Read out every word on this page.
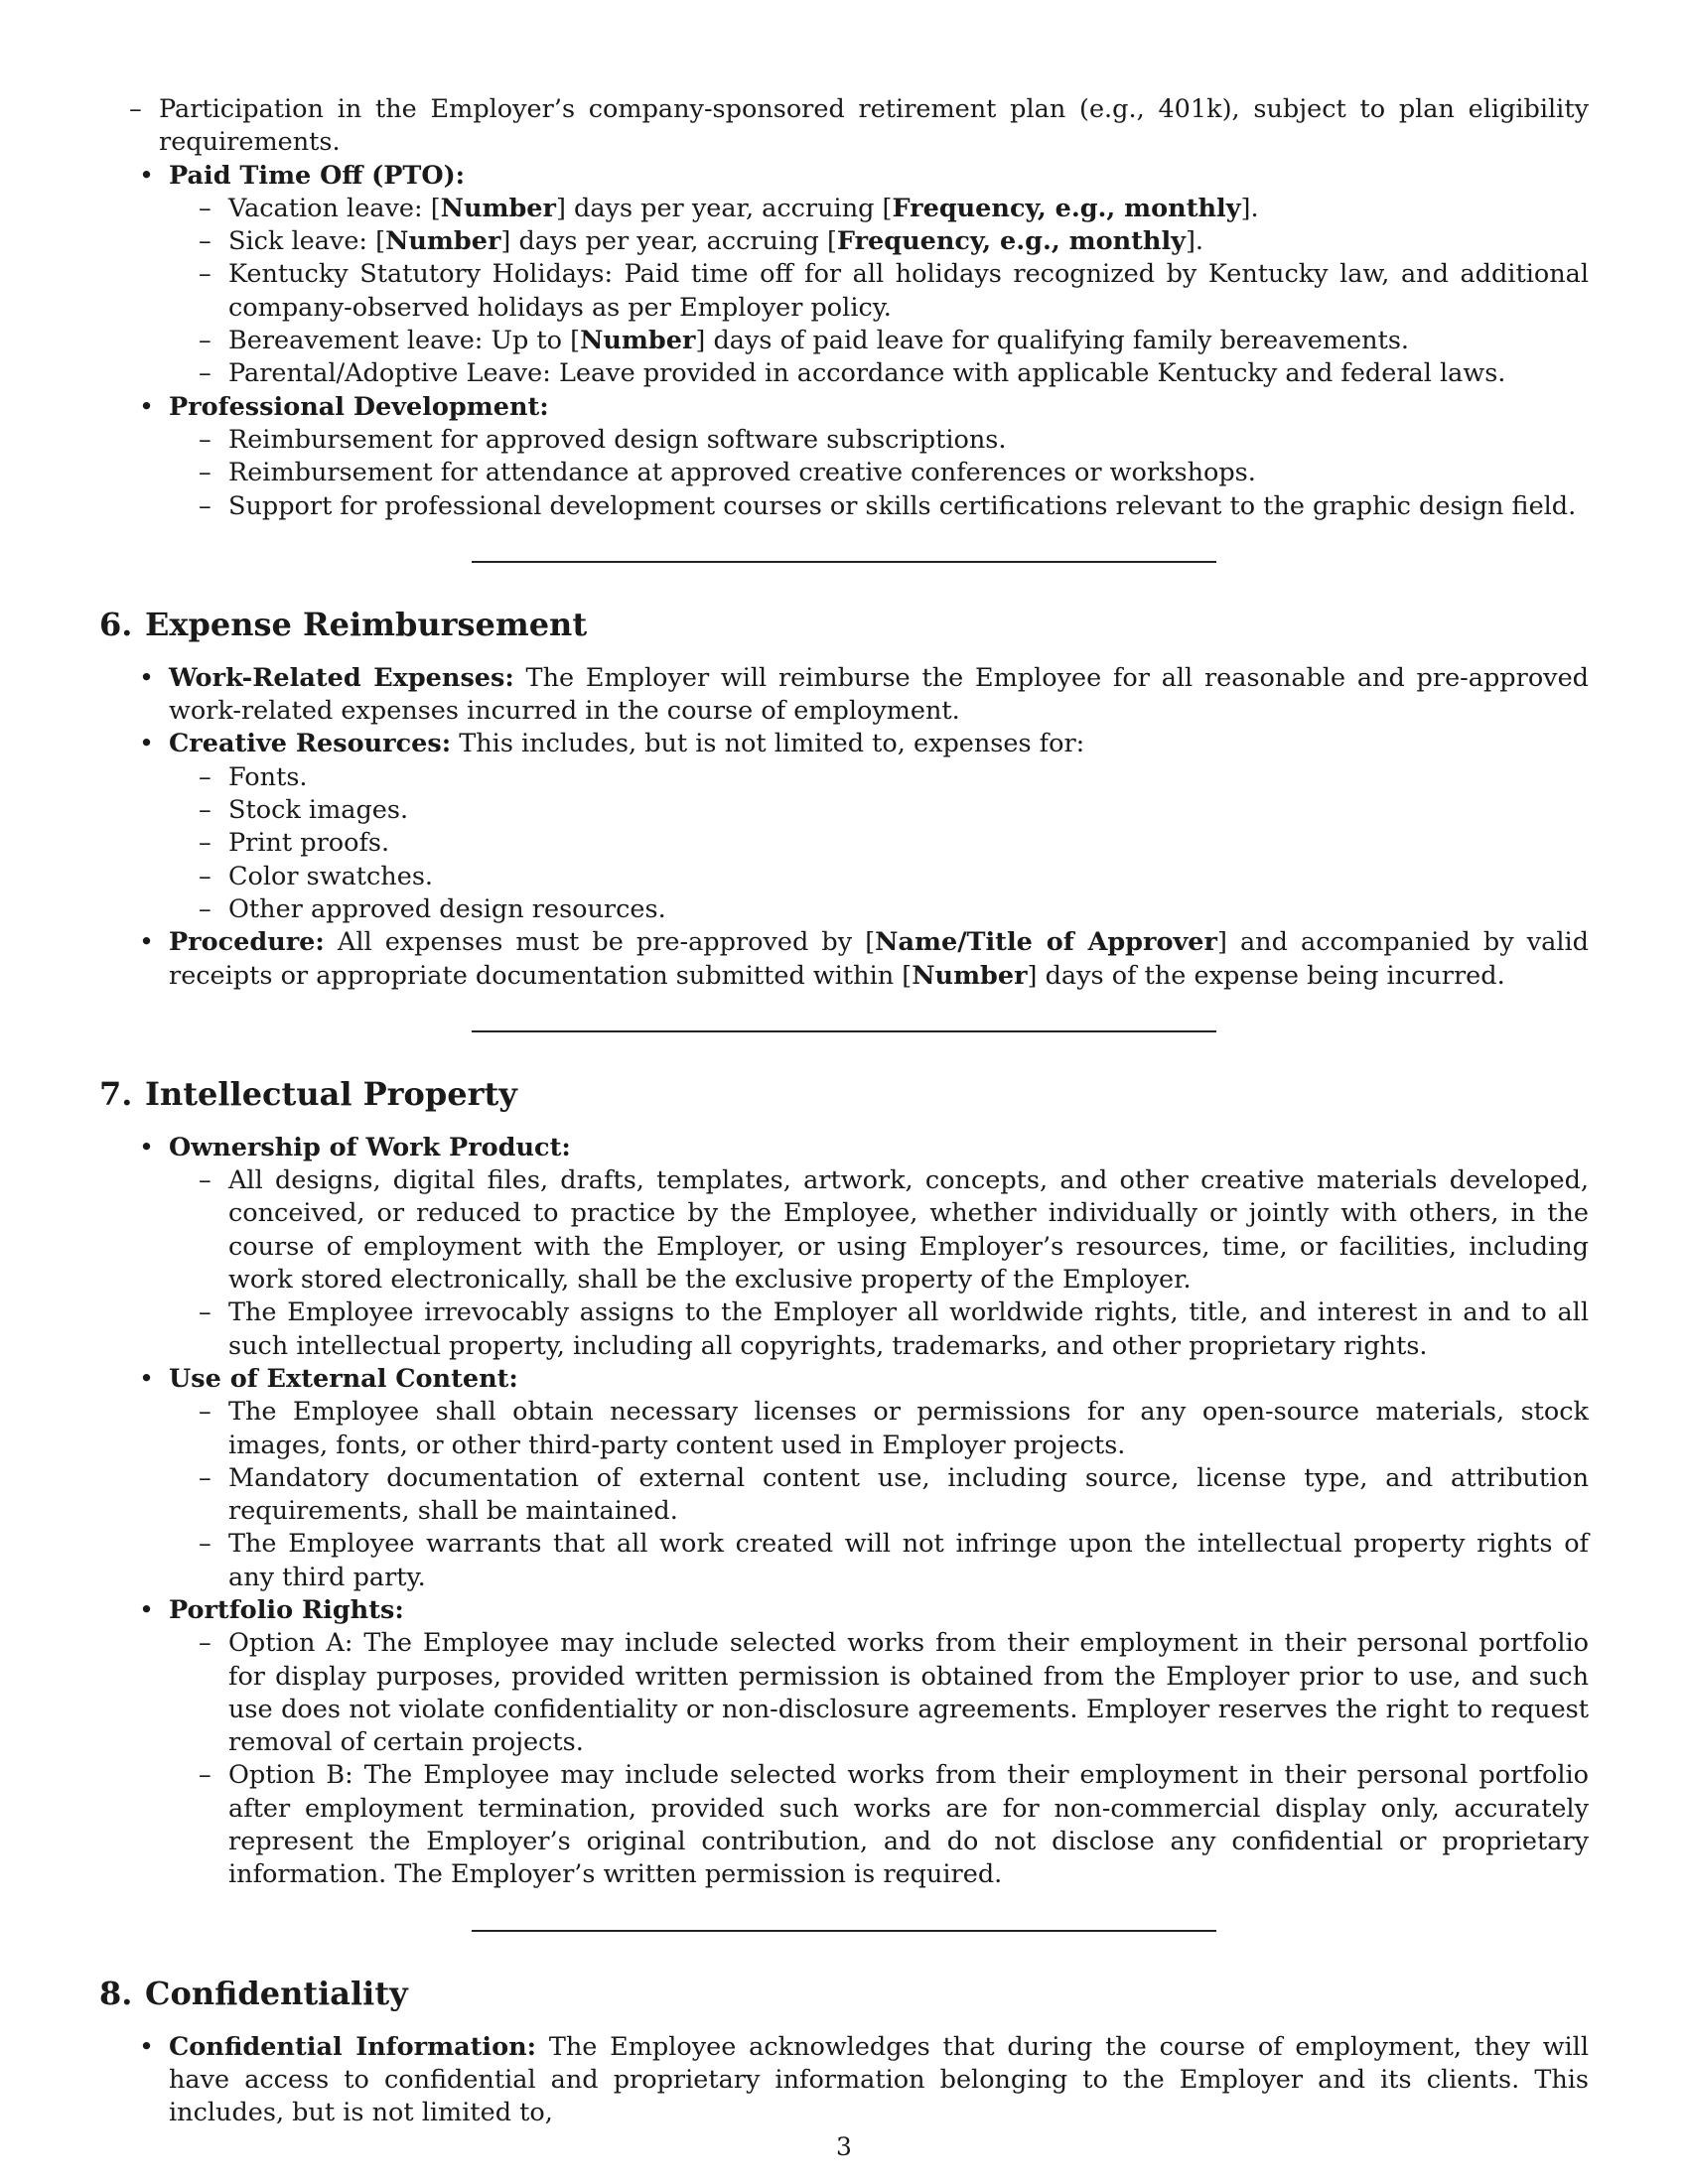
– Participation in the Employer’s company-sponsored retirement plan (e.g., 401k), subject to plan eligibility requirements.
• Paid Time Off (PTO):
– Vacation leave: [Number] days per year, accruing [Frequency, e.g., monthly].
– Sick leave: [Number] days per year, accruing [Frequency, e.g., monthly].
– Kentucky Statutory Holidays: Paid time off for all holidays recognized by Kentucky law, and additional company-observed holidays as per Employer policy.
– Bereavement leave: Up to [Number] days of paid leave for qualifying family bereavements.
– Parental/Adoptive Leave: Leave provided in accordance with applicable Kentucky and federal laws.
• Professional Development:
– Reimbursement for approved design software subscriptions.
– Reimbursement for attendance at approved creative conferences or workshops.
– Support for professional development courses or skills certifications relevant to the graphic design field.
6. Expense Reimbursement
• Work-Related Expenses: The Employer will reimburse the Employee for all reasonable and pre-approved work-related expenses incurred in the course of employment.
• Creative Resources: This includes, but is not limited to, expenses for:
– Fonts.
– Stock images.
– Print proofs.
– Color swatches.
– Other approved design resources.
• Procedure: All expenses must be pre-approved by [Name/Title of Approver] and accompanied by valid receipts or appropriate documentation submitted within [Number] days of the expense being incurred.
7. Intellectual Property
• Ownership of Work Product:
– All designs, digital files, drafts, templates, artwork, concepts, and other creative materials developed, conceived, or reduced to practice by the Employee, whether individually or jointly with others, in the course of employment with the Employer, or using Employer’s resources, time, or facilities, including work stored electronically, shall be the exclusive property of the Employer.
– The Employee irrevocably assigns to the Employer all worldwide rights, title, and interest in and to all such intellectual property, including all copyrights, trademarks, and other proprietary rights.
• Use of External Content:
– The Employee shall obtain necessary licenses or permissions for any open-source materials, stock images, fonts, or other third-party content used in Employer projects.
– Mandatory documentation of external content use, including source, license type, and attribution requirements, shall be maintained.
– The Employee warrants that all work created will not infringe upon the intellectual property rights of any third party.
• Portfolio Rights:
– Option A: The Employee may include selected works from their employment in their personal portfolio for display purposes, provided written permission is obtained from the Employer prior to use, and such use does not violate confidentiality or non-disclosure agreements. Employer reserves the right to request removal of certain projects.
– Option B: The Employee may include selected works from their employment in their personal portfolio after employment termination, provided such works are for non-commercial display only, accurately represent the Employer’s original contribution, and do not disclose any confidential or proprietary information. The Employer’s written permission is required.
8. Confidentiality
• Confidential Information: The Employee acknowledges that during the course of employment, they will have access to confidential and proprietary information belonging to the Employer and its clients. This includes, but is not limited to,
3
